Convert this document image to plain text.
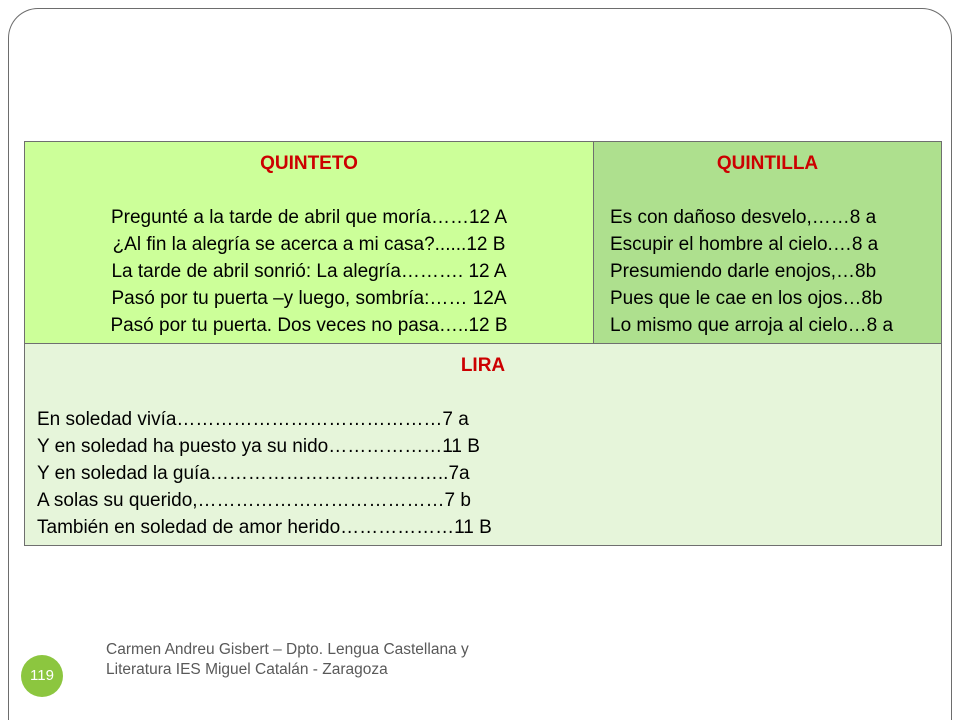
QUINTETO
Pregunté a la tarde de abril que moría……12 A
¿Al fin la alegría se acerca a mi casa?......12 B
La tarde de abril sonrió: La alegría………. 12 A
Pasó por tu puerta –y luego, sombría:…… 12A
Pasó por tu puerta. Dos veces no pasa…..12 B

QUINTILLA
Es con dañoso desvelo,……8 a
Escupir el hombre al cielo.…8 a
Presumiendo darle enojos,…8b
Pues que le cae en los ojos…8b
Lo mismo que arroja al cielo…8 a

LIRA
En soledad vivía……………………………………7 a
Y en soledad ha puesto ya su nido………………11 B
Y en soledad la guía………………………………..7a
A solas su querido,…………………………………7 b
También en soledad de amor herido………………11 B
119
Carmen Andreu Gisbert – Dpto. Lengua Castellana y Literatura IES Miguel Catalán - Zaragoza
